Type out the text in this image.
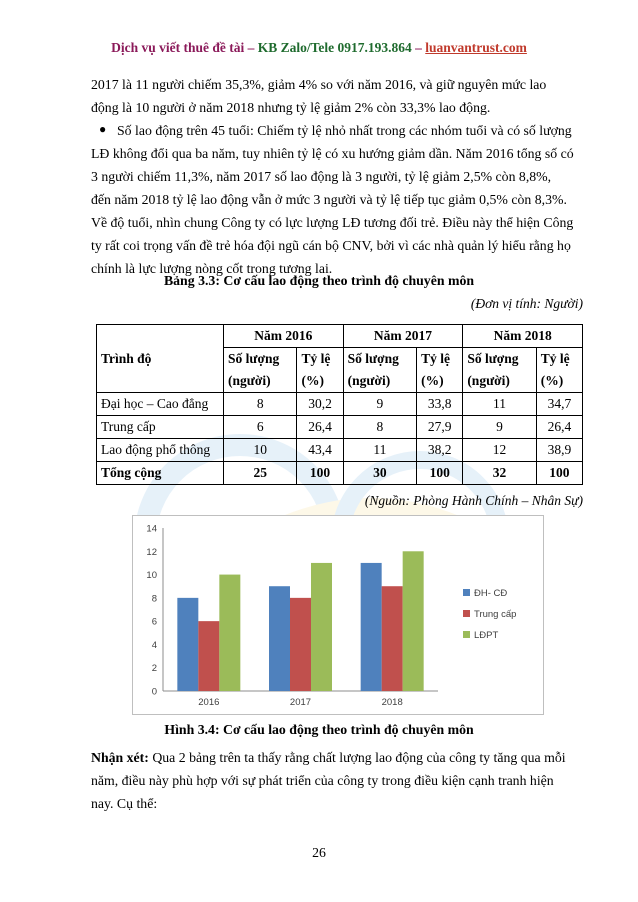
Dịch vụ viết thuê đề tài – KB Zalo/Tele 0917.193.864 – luanvantrust.com
2017 là 11 người chiếm 35,3%, giảm 4% so với năm 2016, và giữ nguyên mức lao
động là 10 người ở năm 2018 nhưng tỷ lệ giảm 2% còn 33,3% lao động.
● Số lao động trên 45 tuổi: Chiếm tỷ lệ nhỏ nhất trong các nhóm tuổi và có số lượng
LĐ không đổi qua ba năm, tuy nhiên tỷ lệ có xu hướng giảm dần. Năm 2016 tổng số có
3 người chiếm 11,3%, năm 2017 số lao động là 3 người, tỷ lệ giảm 2,5% còn 8,8%,
đến năm 2018 tỷ lệ lao động vẫn ở mức 3 người và tỷ lệ tiếp tục giảm 0,5% còn 8,3%.
Về độ tuổi, nhìn chung Công ty có lực lượng LĐ tương đối trẻ. Điều này thể hiện Công
ty rất coi trọng vấn đề trẻ hóa đội ngũ cán bộ CNV, bởi vì các nhà quản lý hiểu rằng họ
chính là lực lượng nòng cốt trong tương lai.
Bảng 3.3: Cơ cấu lao động theo trình độ chuyên môn
(Đơn vị tính: Người)
Trình độ	Năm 2016		Năm 2017		Năm 2018	
	Số lượng	Tỷ lệ	Số lượng	Tỷ lệ	Số lượng	Tỷ lệ
	(người)	(%)	(người)	(%)	(người)	(%)
Đại học – Cao đẳng	8	30,2	9	33,8	11	34,7
Trung cấp	6	26,4	8	27,9	9	26,4
Lao động phổ thông	10	43,4	11	38,2	12	38,9
Tổng cộng	25	100	30	100	32	100
(Nguồn: Phòng Hành Chính – Nhân Sự)
0
2
4
6
8
10
12
14
2016	2017	2018
ĐH- CĐ
Trung cấp
LĐPT
Hình 3.4: Cơ cấu lao động theo trình độ chuyên môn
Nhận xét: Qua 2 bảng trên ta thấy rằng chất lượng lao động của công ty tăng qua mỗi
năm, điều này phù hợp với sự phát triển của công ty trong điều kiện cạnh tranh hiện
nay. Cụ thể:
26
